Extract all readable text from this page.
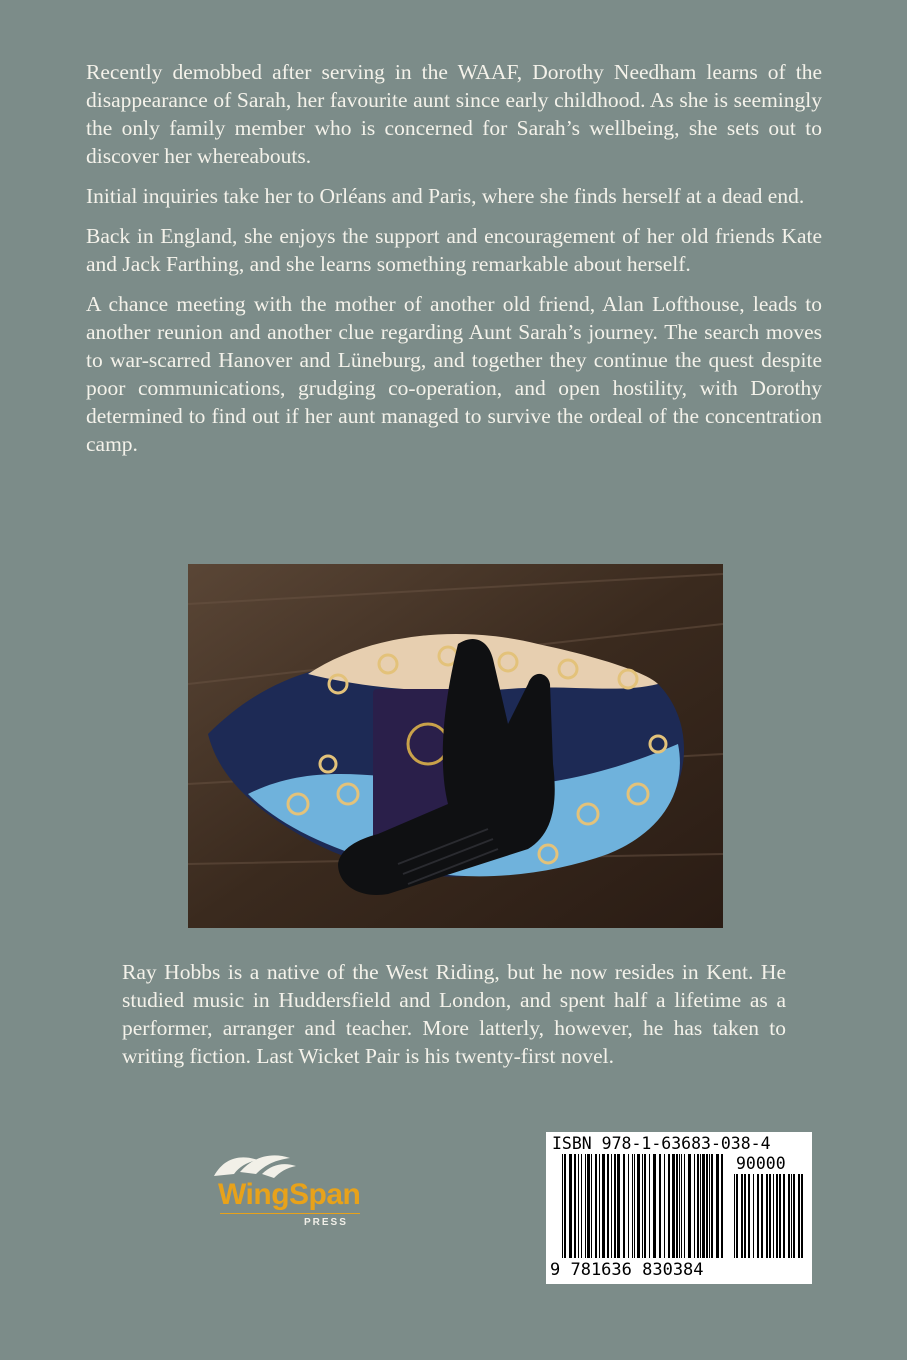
Recently demobbed after serving in the WAAF, Dorothy Needham learns of the disappearance of Sarah, her favourite aunt since early childhood. As she is seemingly the only family member who is concerned for Sarah’s wellbeing, she sets out to discover her whereabouts.

Initial inquiries take her to Orléans and Paris, where she finds herself at a dead end.

Back in England, she enjoys the support and encouragement of her old friends Kate and Jack Farthing, and she learns something remarkable about herself.

A chance meeting with the mother of another old friend, Alan Lofthouse, leads to another reunion and another clue regarding Aunt Sarah’s journey. The search moves to war-scarred Hanover and Lüneburg, and together they continue the quest despite poor communications, grudging co-operation, and open hostility, with Dorothy determined to find out if her aunt managed to survive the ordeal of the concentration camp.

Ray Hobbs is a native of the West Riding, but he now resides in Kent. He studied music in Huddersfield and London, and spent half a lifetime as a performer, arranger and teacher. More latterly, however, he has taken to writing fiction. Last Wicket Pair is his twenty-first novel.
WingSpan
PRESS
ISBN 978-1-63683-038-4
90000
9 781636 830384
